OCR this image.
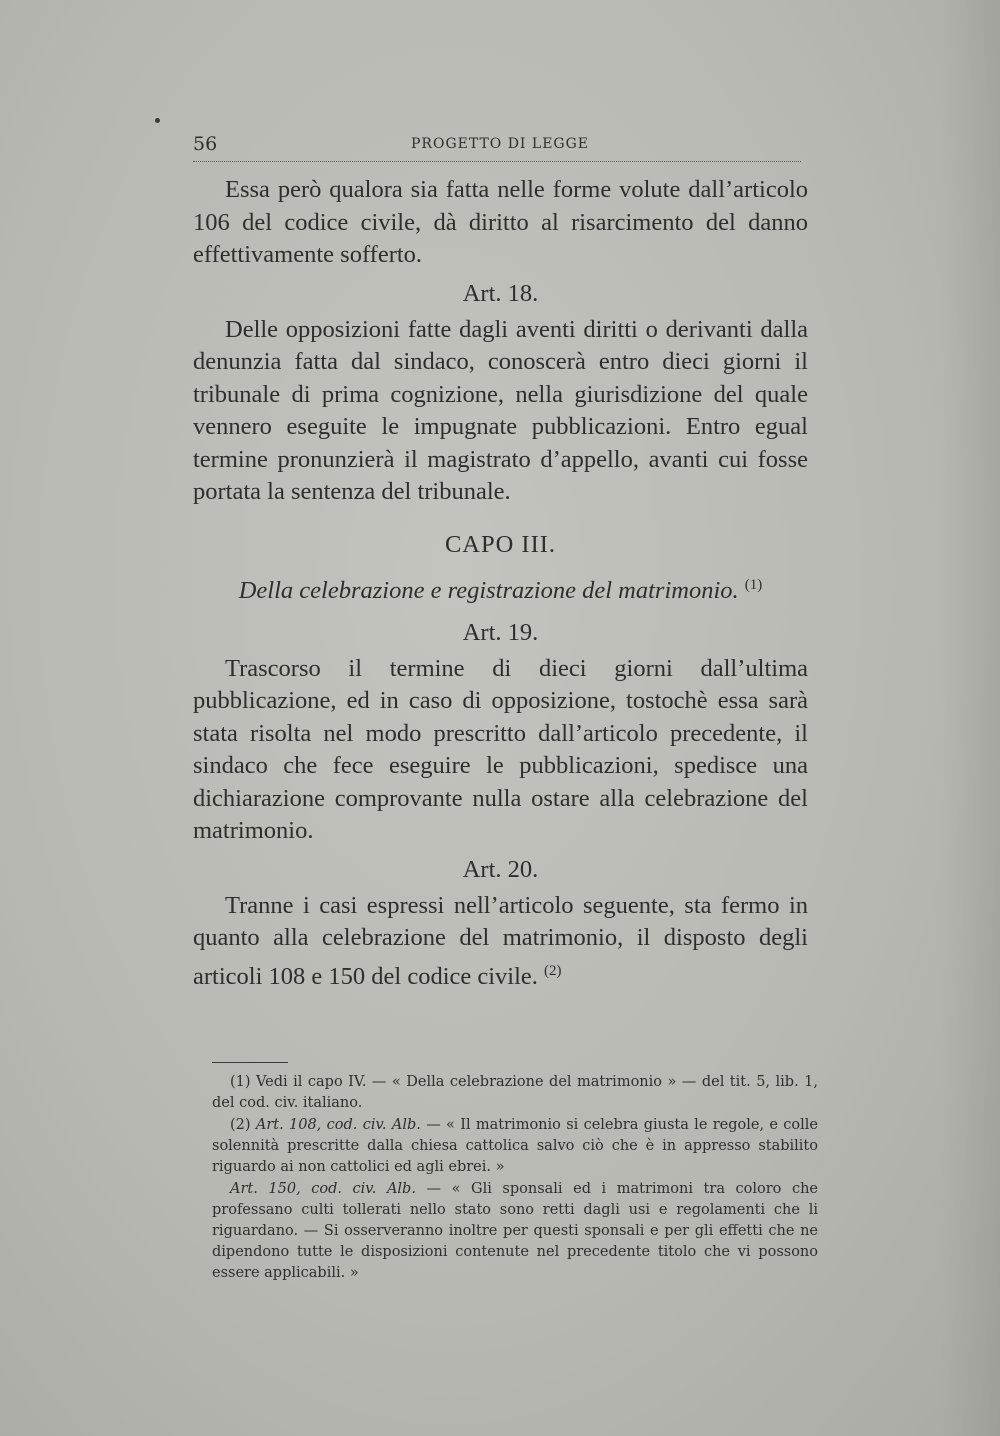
56	PROGETTO DI LEGGE

Essa però qualora sia fatta nelle forme volute dall’articolo 106 del codice civile, dà diritto al risarcimento del danno effettivamente sofferto.

Art. 18.

Delle opposizioni fatte dagli aventi diritti o derivanti dalla denunzia fatta dal sindaco, conoscerà entro dieci giorni il tribunale di prima cognizione, nella giurisdizione del quale vennero eseguite le impugnate pubblicazioni. Entro egual termine pronunzierà il magistrato d’appello, avanti cui fosse portata la sentenza del tribunale.

CAPO III.
Della celebrazione e registrazione del matrimonio. $^{(1)}$
Art. 19.

Trascorso il termine di dieci giorni dall’ultima pubblicazione, ed in caso di opposizione, tostochè essa sarà stata risolta nel modo prescritto dall’articolo precedente, il sindaco che fece eseguire le pubblicazioni, spedisce una dichiarazione comprovante nulla ostare alla celebrazione del matrimonio.

Art. 20.

Tranne i casi espressi nell’articolo seguente, sta fermo in quanto alla celebrazione del matrimonio, il disposto degli articoli 108 e 150 del codice civile. $^{(2)}$

(1) Vedi il capo IV. — « Della celebrazione del matrimonio » — del tit. 5, lib. 1, del cod. civ. italiano.

(2) Art. 108, cod. civ. Alb. — « Il matrimonio si celebra giusta le regole, e colle solennità prescritte dalla chiesa cattolica salvo ciò che è in appresso stabilito riguardo ai non cattolici ed agli ebrei. »

Art. 150, cod. civ. Alb. — « Gli sponsali ed i matrimoni tra coloro che professano culti tollerati nello stato sono retti dagli usi e regolamenti che li riguardano. — Si osserveranno inoltre per questi sponsali e per gli effetti che ne dipendono tutte le disposizioni contenute nel precedente titolo che vi possono essere applicabili. »
